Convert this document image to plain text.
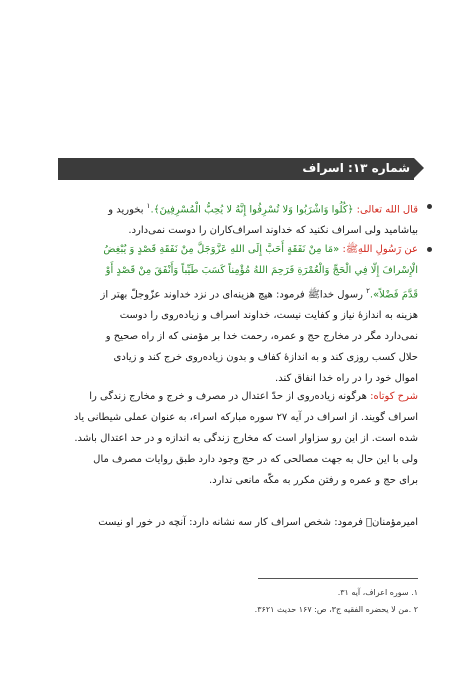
شماره ۱۳: اسراف
قال الله تعالی: ﴿كُلُوا وَاشْرَبُوا وَلا تُسْرِفُوا إِنَّهُ لا يُحِبُّ الْمُسْرِفِينَ﴾.$^۱$ بخورید و
بیاشامید ولی اسراف نکنید که خداوند اسراف‌کاران را دوست نمی‌دارد.
عن رَسُولِ اللهِﷺ: «مَا مِنْ نَفَقَةٍ أَحَبَّ إِلَی اللهِ عَزَّوَجَلَّ مِنْ نَفَقَةِ قَصْدٍ وَ يُبْغِضُ
الْإِسْرافَ إِلّا فِي الْحَجِّ وَالْعُمْرَةِ فَرَحِمَ اللهُ مُؤْمِناً كَسَبَ طَيِّباً وَأَنْفَقَ مِنْ قَصْدٍ أَوْ
قَدَّمَ فَضْلاً».$^۲$ رسول خداﷺ فرمود: هیچ هزینه‌ای در نزد خداوند عزّوجلّ بهتر از
هزینه به اندازۀ نیاز و کفایت نیست، خداوند اسراف و زیاده‌روی را دوست
نمی‌دارد مگر در مخارج حج و عمره، رحمت خدا بر مؤمنی که از راه صحیح و
حلال کسب روزی کند و به اندازۀ کفاف و بدون زیاده‌روی خرج کند و زیادی
اموال خود را در راه خدا انفاق کند.
شرح کوتاه: هرگونه زیاده‌روی از حدّ اعتدال در مصرف و خرج و مخارج زندگی را
اسراف گویند. از اسراف در آیه ۲۷ سوره مبارکه اسراء، به عنوان عملی شیطانی یاد
شده است. از این رو سزاوار است که مخارج زندگی به اندازه و در حد اعتدال باشد.
ولی با این حال به جهت مصالحی که در حج وجود دارد طبق روایات مصرف مال
برای حج و عمره و رفتن مکرر به مکّه مانعی ندارد.
امیرمؤمنانؑ فرمود: شخص اسراف کار سه نشانه دارد: آنچه در خور او نیست
۱. سوره اعراف، آیه ۳۱.
۲ .من لا یحضره الفقیه ج۳، ص: ۱۶۷ حدیث ۳۶۲۱.
